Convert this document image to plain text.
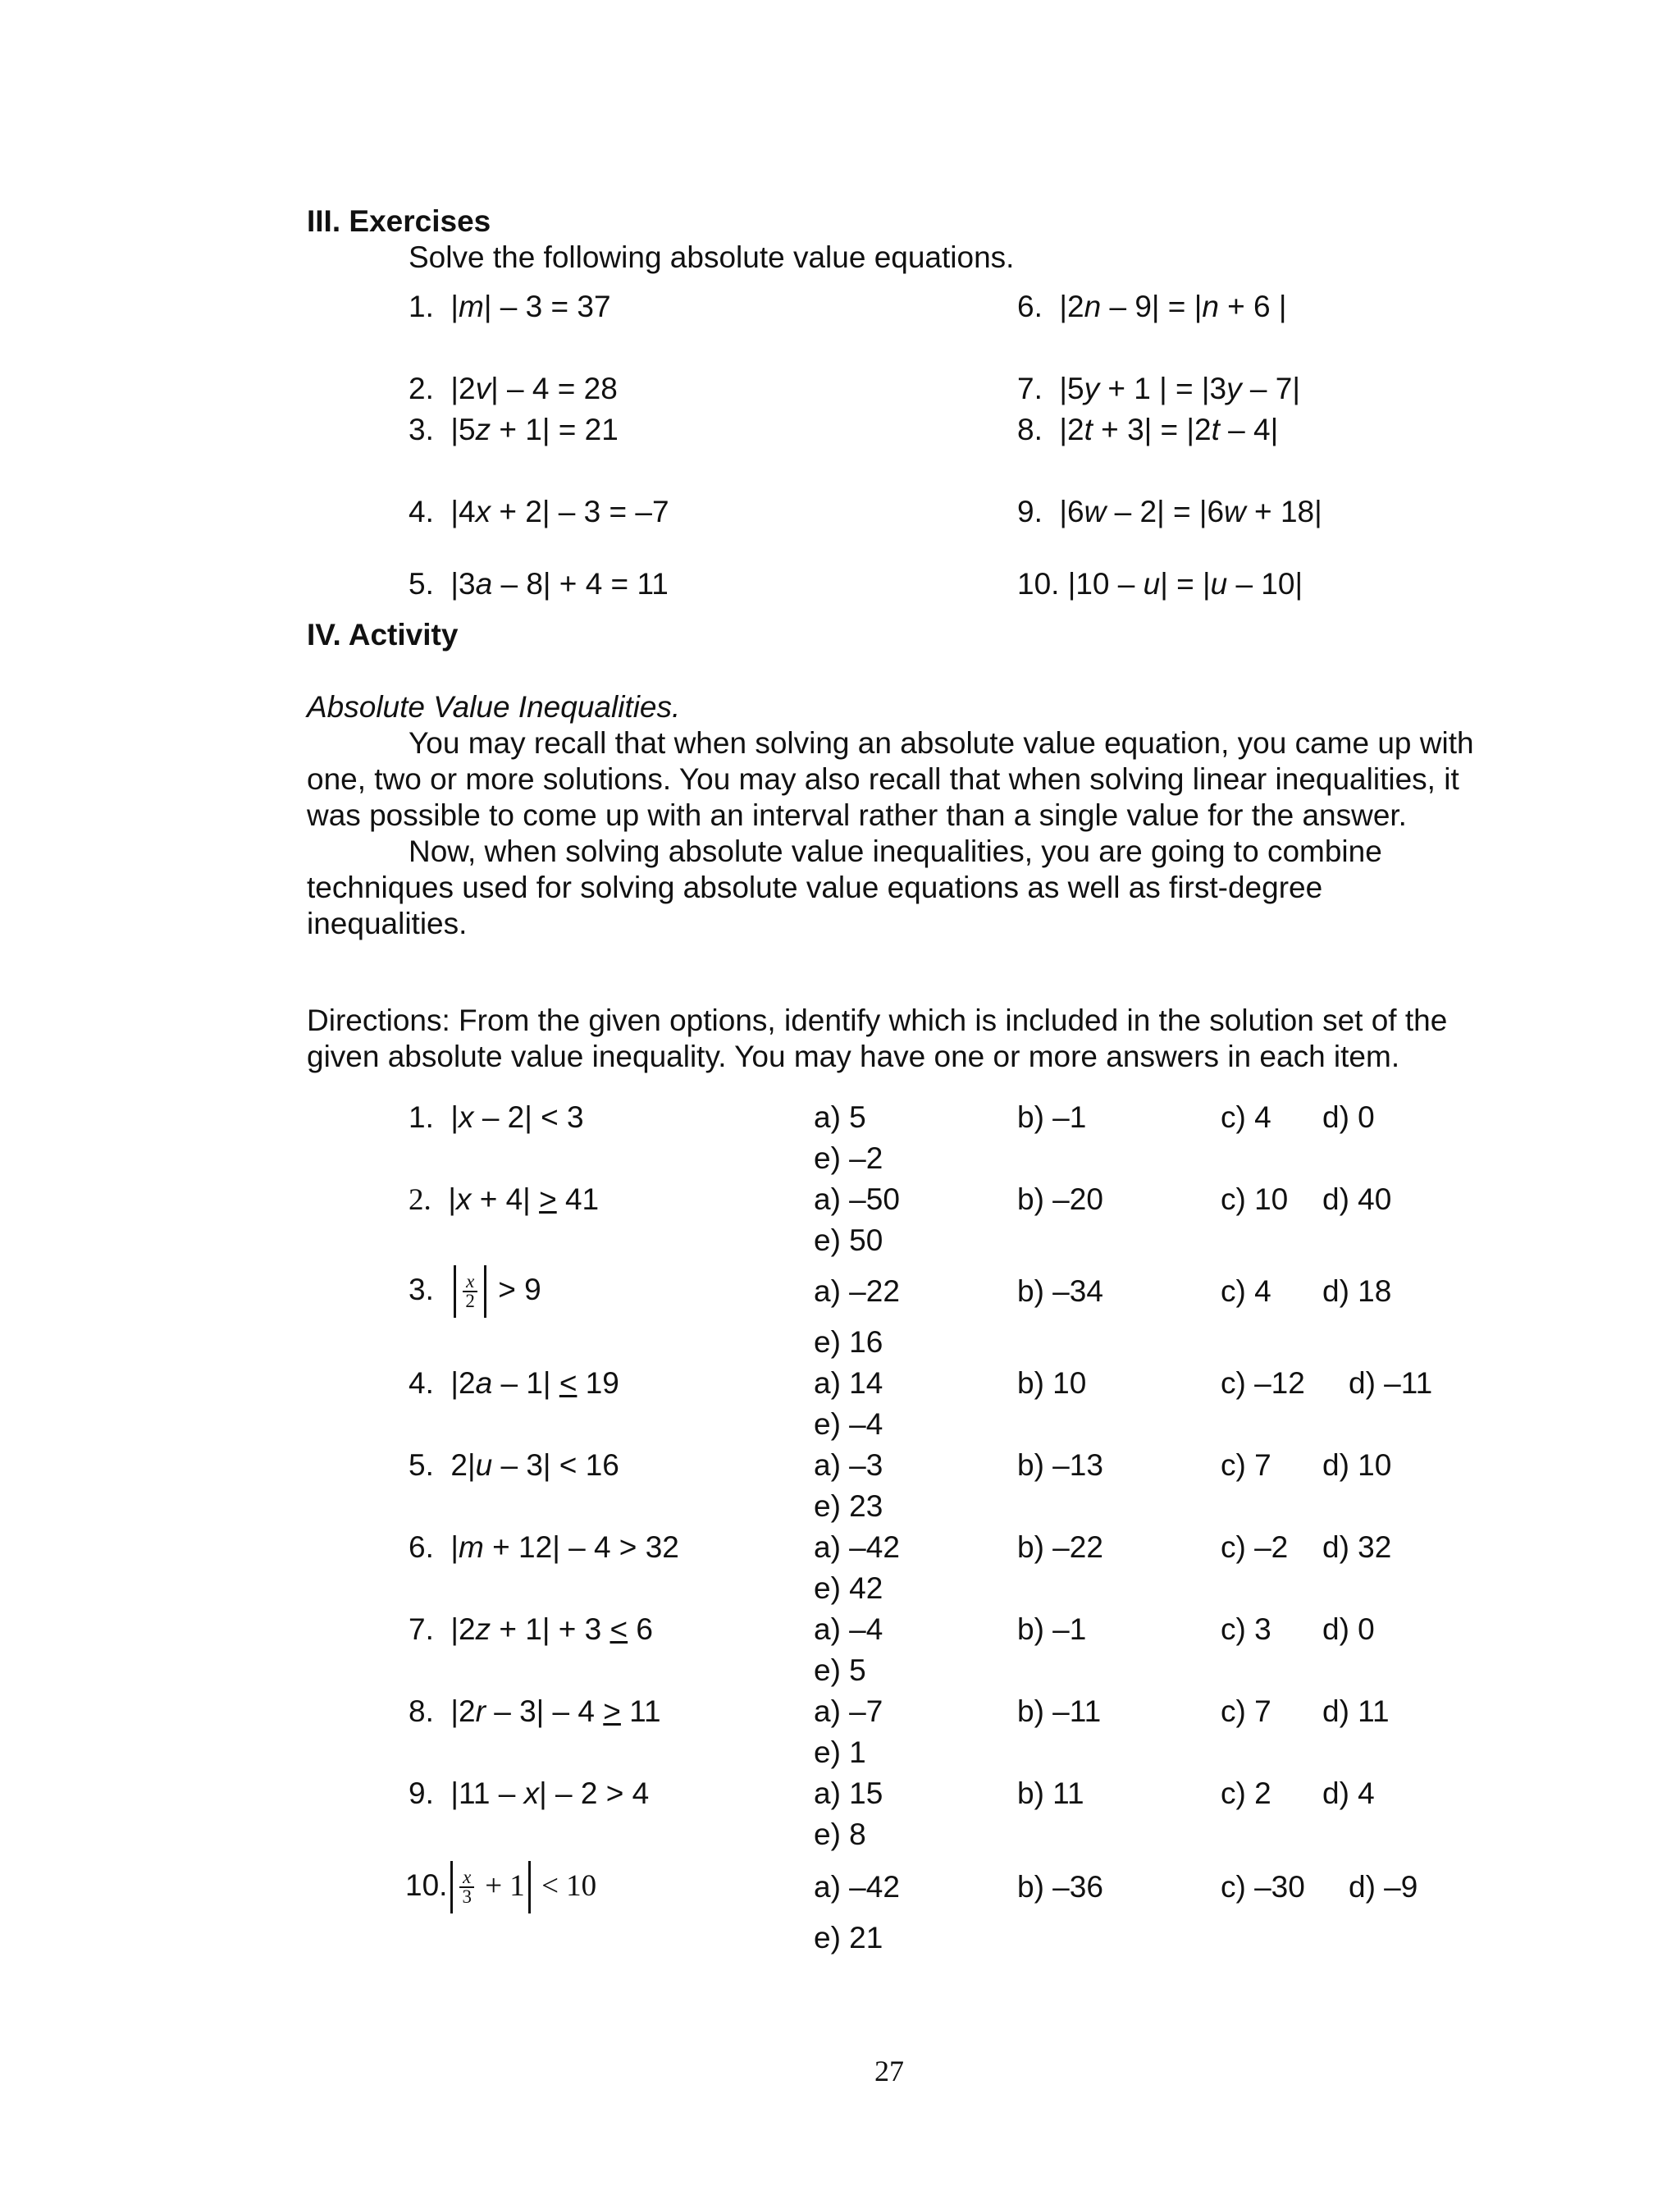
III. Exercises
Solve the following absolute value equations.
1. |m| – 3 = 37
2. |2v| – 4 = 28
3. |5z + 1| = 21
4. |4x + 2| – 3 = –7
5. |3a – 8| + 4 = 11
6. |2n – 9| = |n + 6 |
7. |5y + 1 | = |3y – 7|
8. |2t + 3| = |2t – 4|
9. |6w – 2| = |6w + 18|
10. |10 – u| = |u – 10|
IV. Activity
Absolute Value Inequalities.

You may recall that when solving an absolute value equation, you came up with one, two or more solutions. You may also recall that when solving linear inequalities, it was possible to come up with an interval rather than a single value for the answer.

Now, when solving absolute value inequalities, you are going to combine techniques used for solving absolute value equations as well as first-degree inequalities.

Directions: From the given options, identify which is included in the solution set of the given absolute value inequality. You may have one or more answers in each item.

1. |x – 2| < 3	a) 5	b) –1	c) 4 d) 0
e) –2
2. |x + 4| > 41	a) –50	b) –20	c) 10 d) 40
e) 50
3. $\frac{x}{2} > 9$	a) –22	b) –34	c) 4 d) 18
e) 16
4. |2a – 1| < 19	a) 14	b) 10	c) –12 d) –11
e) –4
5. 2|u – 3| < 16	a) –3	b) –13	c) 7 d) 10
e) 23
6. |m + 12| – 4 > 32	a) –42	b) –22	c) –2 d) 32
e) 42
7. |2z + 1| + 3 < 6	a) –4	b) –1	c) 3 d) 0
e) 5
8. |2r – 3| – 4 > 11	a) –7	b) –11	c) 7 d) 11
e) 1
9. |11 – x| – 2 > 4	a) 15	b) 11	c) 2 d) 4
e) 8
10. $\frac{x}{3} + 1 < 10$	a) –42	b) –36	c) –30 d) –9
e) 21
27
